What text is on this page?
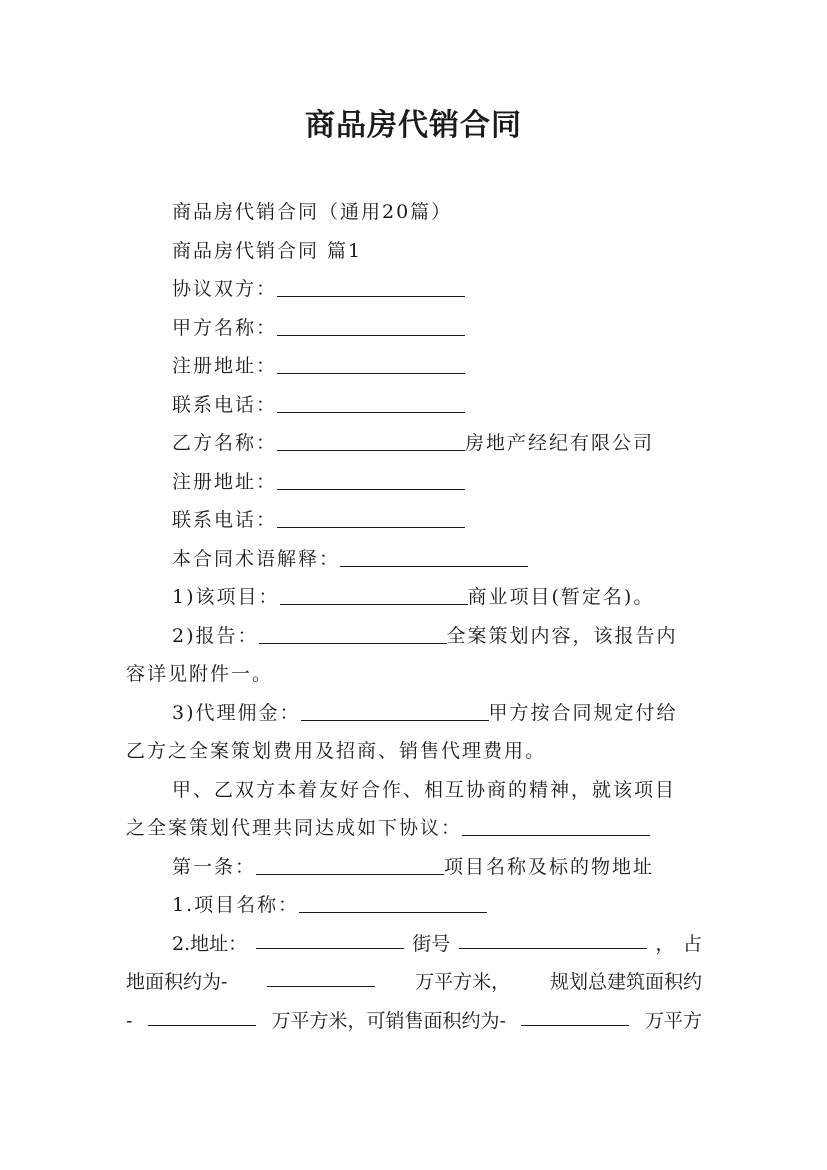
商品房代销合同
商品房代销合同（通用20篇）
商品房代销合同 篇1
协议双方：
甲方名称：
注册地址：
联系电话：
乙方名称：	房地产经纪有限公司
注册地址：
联系电话：
本合同术语解释：
1)该项目：	商业项目(暂定名)。
2)报告：	全案策划内容，该报告内
容详见附件一。
3)代理佣金：	甲方按合同规定付给
乙方之全案策划费用及招商、销售代理费用。
甲、乙双方本着友好合作、相互协商的精神，就该项目
之全案策划代理共同达成如下协议：
第一条：	项目名称及标的物地址
1.项目名称：
2.地址：	街号	， 占
地面积约为-	万平方米， 规划总建筑面积约
-	万平方米，可销售面积约为-	万平方
